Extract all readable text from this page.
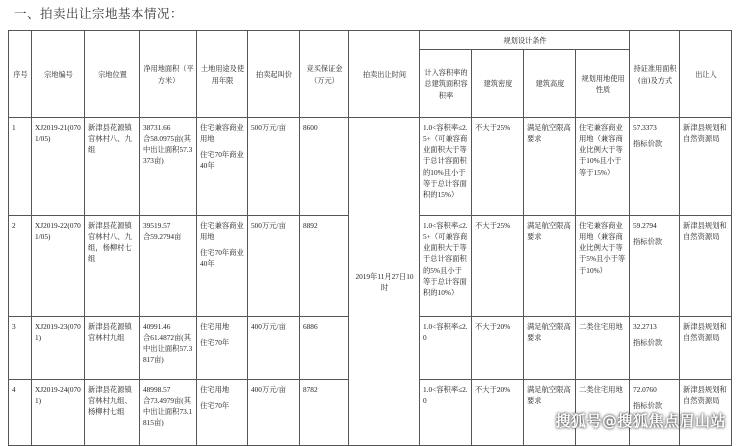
一、拍卖出让宗地基本情况：
序号	宗地编号	宗地位置	净用地面积（平方米）	土地用途及使用年限	拍卖起叫价	竞买保证金（万元）	拍卖出让时间	规划设计条件				持证准用面积(亩)及方式	出让人
								计入容积率的总建筑面积容积率	建筑密度	建筑高度	规划用地使用性质		
1	XJ2019-21(0701/05)	新津县花源镇官林村八、九组	38731.66
合58.0975亩(其中出让面积57.3373亩)	住宅兼容商业用地
住宅70年商业40年	500万元/亩	8600	2019年11月27日10时	1.0<容积率≤2.5+（可兼容商业面积大于等于总计容面积的10%且小于等于总计容面积的15%）	不大于25%	满足航空限高要求	住宅兼容商业用地（兼容商业比例大于等于10%且小于等于15%）	57.3373
指标价款	新津县规划和自然资源局
2	XJ2019-22(0701/05)	新津县花源镇官林村八、九组，杨柳村七组	39519.57
合59.2794亩	住宅兼容商业用地
住宅70年商业40年	500万元/亩	8892		1.0<容积率≤2.5+（可兼容商业面积大于等于总计容面积的5%且小于等于总计容面积的10%）	不大于25%	满足航空限高要求	住宅兼容商业用地（兼容商业比例大于等于5%且小于等于10%）	59.2794
指标价款	新津县规划和自然资源局
3	XJ2019-23(0701)	新津县花源镇官林村九组	40991.46
合61.4872亩(其中出让面积57.3817亩)	住宅用地
住宅70年	400万元/亩	6886		1.0<容积率≤2.0	不大于20%	满足航空限高要求	二类住宅用地	32.2713
指标价款	新津县规划和自然资源局
4	XJ2019-24(0701)	新津县花源镇官林村九组、杨柳村七组	48998.57
合73.4979亩(其中出让面积73.1815亩)	住宅用地
住宅70年	400万元/亩	8782		1.0<容积率≤2.0	不大于20%	满足航空限高要求	二类住宅用地	72.0760
指标价款	新津县规划和自然资源局
搜狐号@搜狐焦点眉山站
